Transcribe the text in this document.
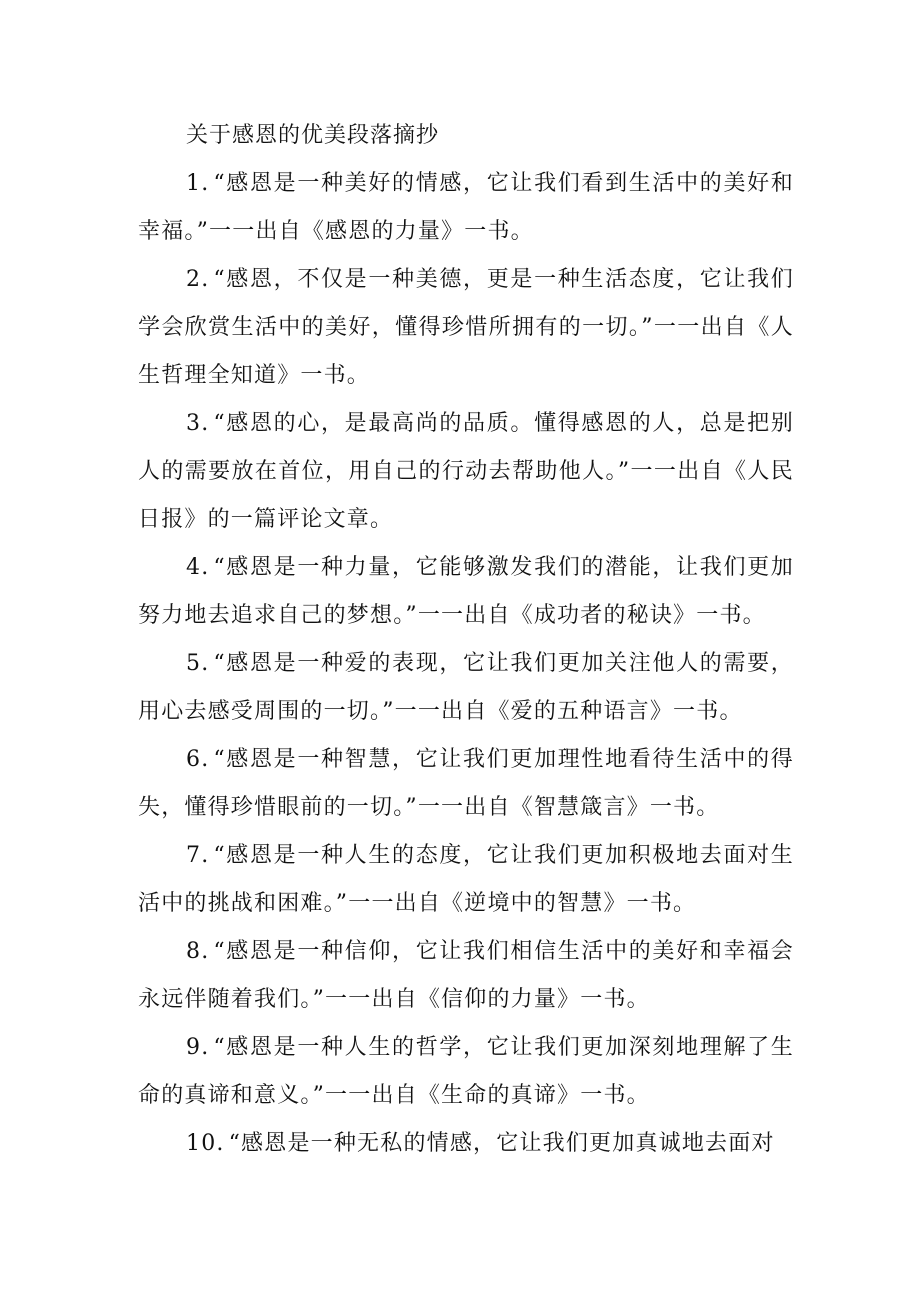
关于感恩的优美段落摘抄

1. “感恩是一种美好的情感，它让我们看到生活中的美好和幸福。”一一出自《感恩的力量》一书。

2. “感恩，不仅是一种美德，更是一种生活态度，它让我们学会欣赏生活中的美好，懂得珍惜所拥有的一切。”一一出自《人生哲理全知道》一书。

3. “感恩的心，是最高尚的品质。懂得感恩的人，总是把别人的需要放在首位，用自己的行动去帮助他人。”一一出自《人民日报》的一篇评论文章。

4. “感恩是一种力量，它能够激发我们的潜能，让我们更加努力地去追求自己的梦想。”一一出自《成功者的秘诀》一书。

5. “感恩是一种爱的表现，它让我们更加关注他人的需要，用心去感受周围的一切。”一一出自《爱的五种语言》一书。

6. “感恩是一种智慧，它让我们更加理性地看待生活中的得失，懂得珍惜眼前的一切。”一一出自《智慧箴言》一书。

7. “感恩是一种人生的态度，它让我们更加积极地去面对生活中的挑战和困难。”一一出自《逆境中的智慧》一书。

8. “感恩是一种信仰，它让我们相信生活中的美好和幸福会永远伴随着我们。”一一出自《信仰的力量》一书。

9. “感恩是一种人生的哲学，它让我们更加深刻地理解了生命的真谛和意义。”一一出自《生命的真谛》一书。

10. “感恩是一种无私的情感，它让我们更加真诚地去面对
